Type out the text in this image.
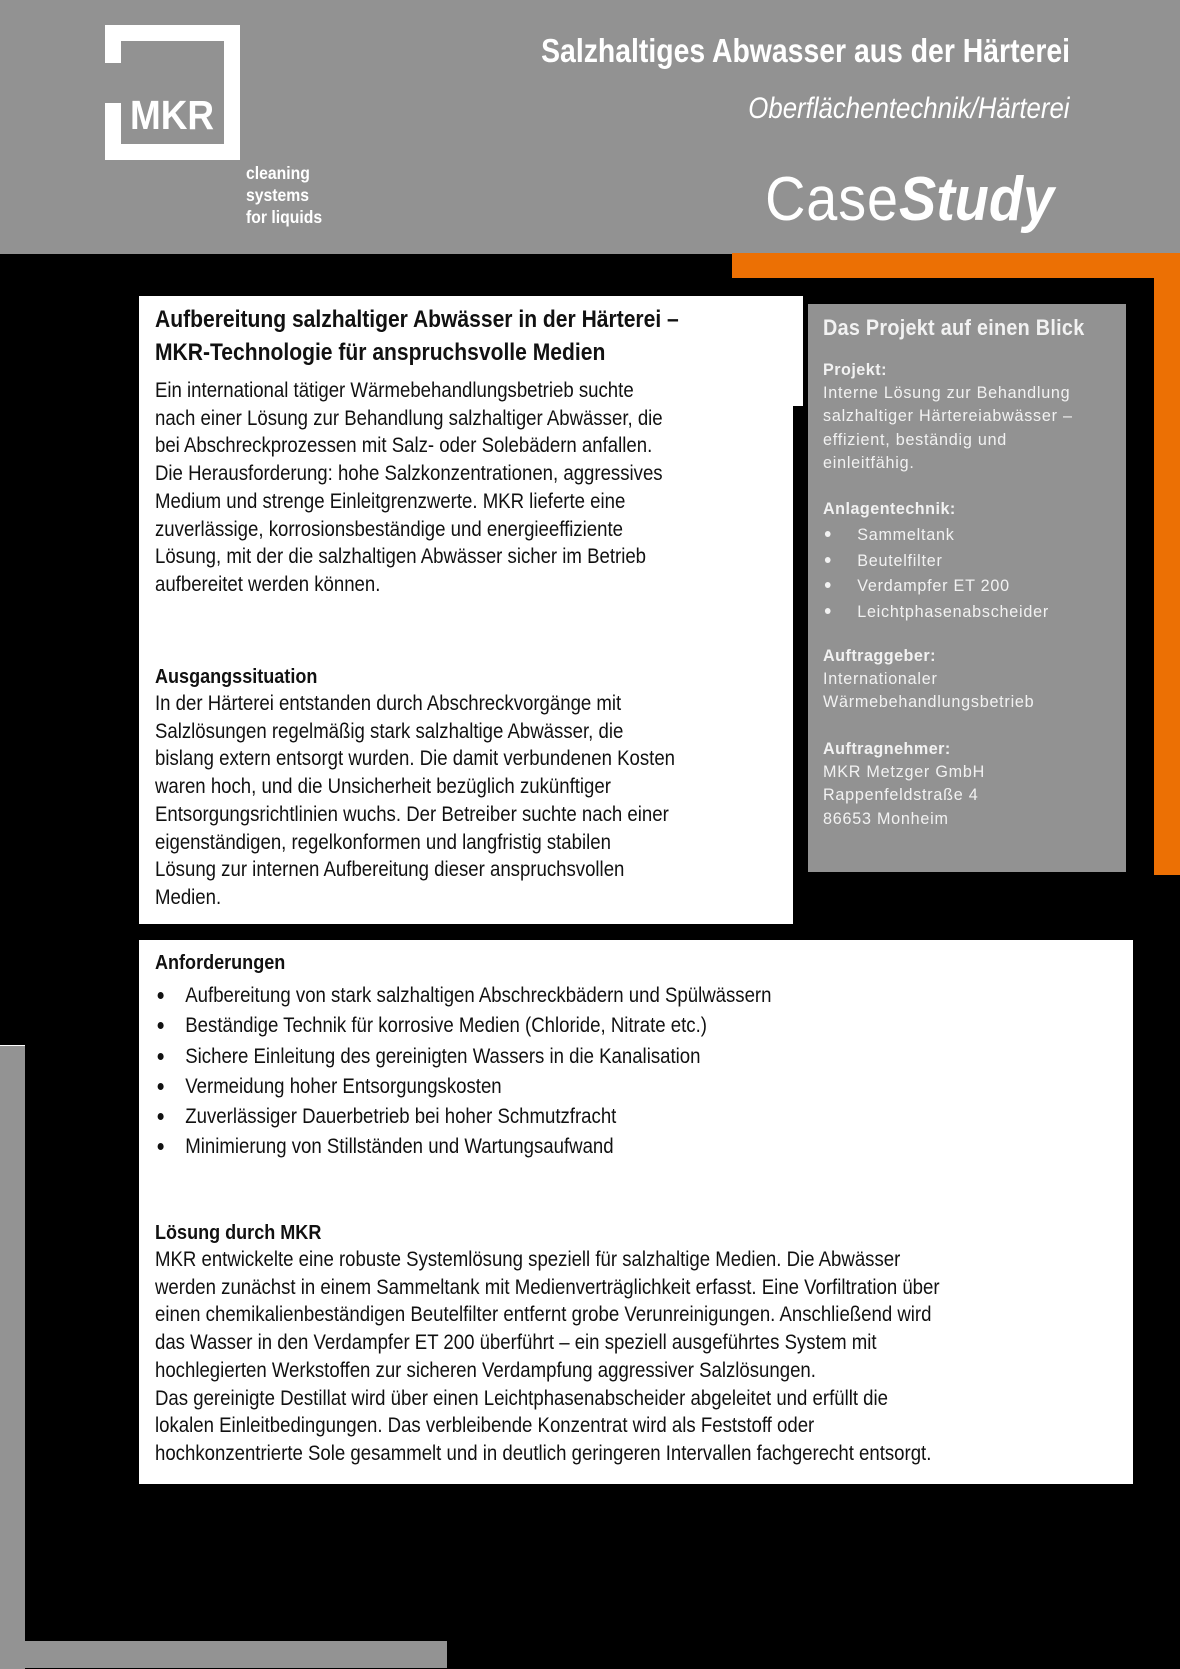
MKR
cleaning
systems
for liquids
Salzhaltiges Abwasser aus der Härterei
Oberflächentechnik/Härterei
CaseStudy
Aufbereitung salzhaltiger Abwässer in der Härterei –
MKR-Technologie für anspruchsvolle Medien
Ein international tätiger Wärmebehandlungsbetrieb suchte
nach einer Lösung zur Behandlung salzhaltiger Abwässer, die
bei Abschreckprozessen mit Salz- oder Solebädern anfallen.
Die Herausforderung: hohe Salzkonzentrationen, aggressives
Medium und strenge Einleitgrenzwerte. MKR lieferte eine
zuverlässige, korrosionsbeständige und energieeffiziente
Lösung, mit der die salzhaltigen Abwässer sicher im Betrieb
aufbereitet werden können.
Ausgangssituation
In der Härterei entstanden durch Abschreckvorgänge mit
Salzlösungen regelmäßig stark salzhaltige Abwässer, die
bislang extern entsorgt wurden. Die damit verbundenen Kosten
waren hoch, und die Unsicherheit bezüglich zukünftiger
Entsorgungsrichtlinien wuchs. Der Betreiber suchte nach einer
eigenständigen, regelkonformen und langfristig stabilen
Lösung zur internen Aufbereitung dieser anspruchsvollen
Medien.
Das Projekt auf einen Blick
Projekt:
Interne Lösung zur Behandlung
salzhaltiger Härtereiabwässer –
effizient, beständig und
einleitfähig.
Anlagentechnik:
Sammeltank
Beutelfilter
Verdampfer ET 200
Leichtphasenabscheider
Auftraggeber:
Internationaler
Wärmebehandlungsbetrieb
Auftragnehmer:
MKR Metzger GmbH
Rappenfeldstraße 4
86653 Monheim
Anforderungen
Aufbereitung von stark salzhaltigen Abschreckbädern und Spülwässern
Beständige Technik für korrosive Medien (Chloride, Nitrate etc.)
Sichere Einleitung des gereinigten Wassers in die Kanalisation
Vermeidung hoher Entsorgungskosten
Zuverlässiger Dauerbetrieb bei hoher Schmutzfracht
Minimierung von Stillständen und Wartungsaufwand
Lösung durch MKR
MKR entwickelte eine robuste Systemlösung speziell für salzhaltige Medien. Die Abwässer
werden zunächst in einem Sammeltank mit Medienverträglichkeit erfasst. Eine Vorfiltration über
einen chemikalienbeständigen Beutelfilter entfernt grobe Verunreinigungen. Anschließend wird
das Wasser in den Verdampfer ET 200 überführt – ein speziell ausgeführtes System mit
hochlegierten Werkstoffen zur sicheren Verdampfung aggressiver Salzlösungen.
Das gereinigte Destillat wird über einen Leichtphasenabscheider abgeleitet und erfüllt die
lokalen Einleitbedingungen. Das verbleibende Konzentrat wird als Feststoff oder
hochkonzentrierte Sole gesammelt und in deutlich geringeren Intervallen fachgerecht entsorgt.
